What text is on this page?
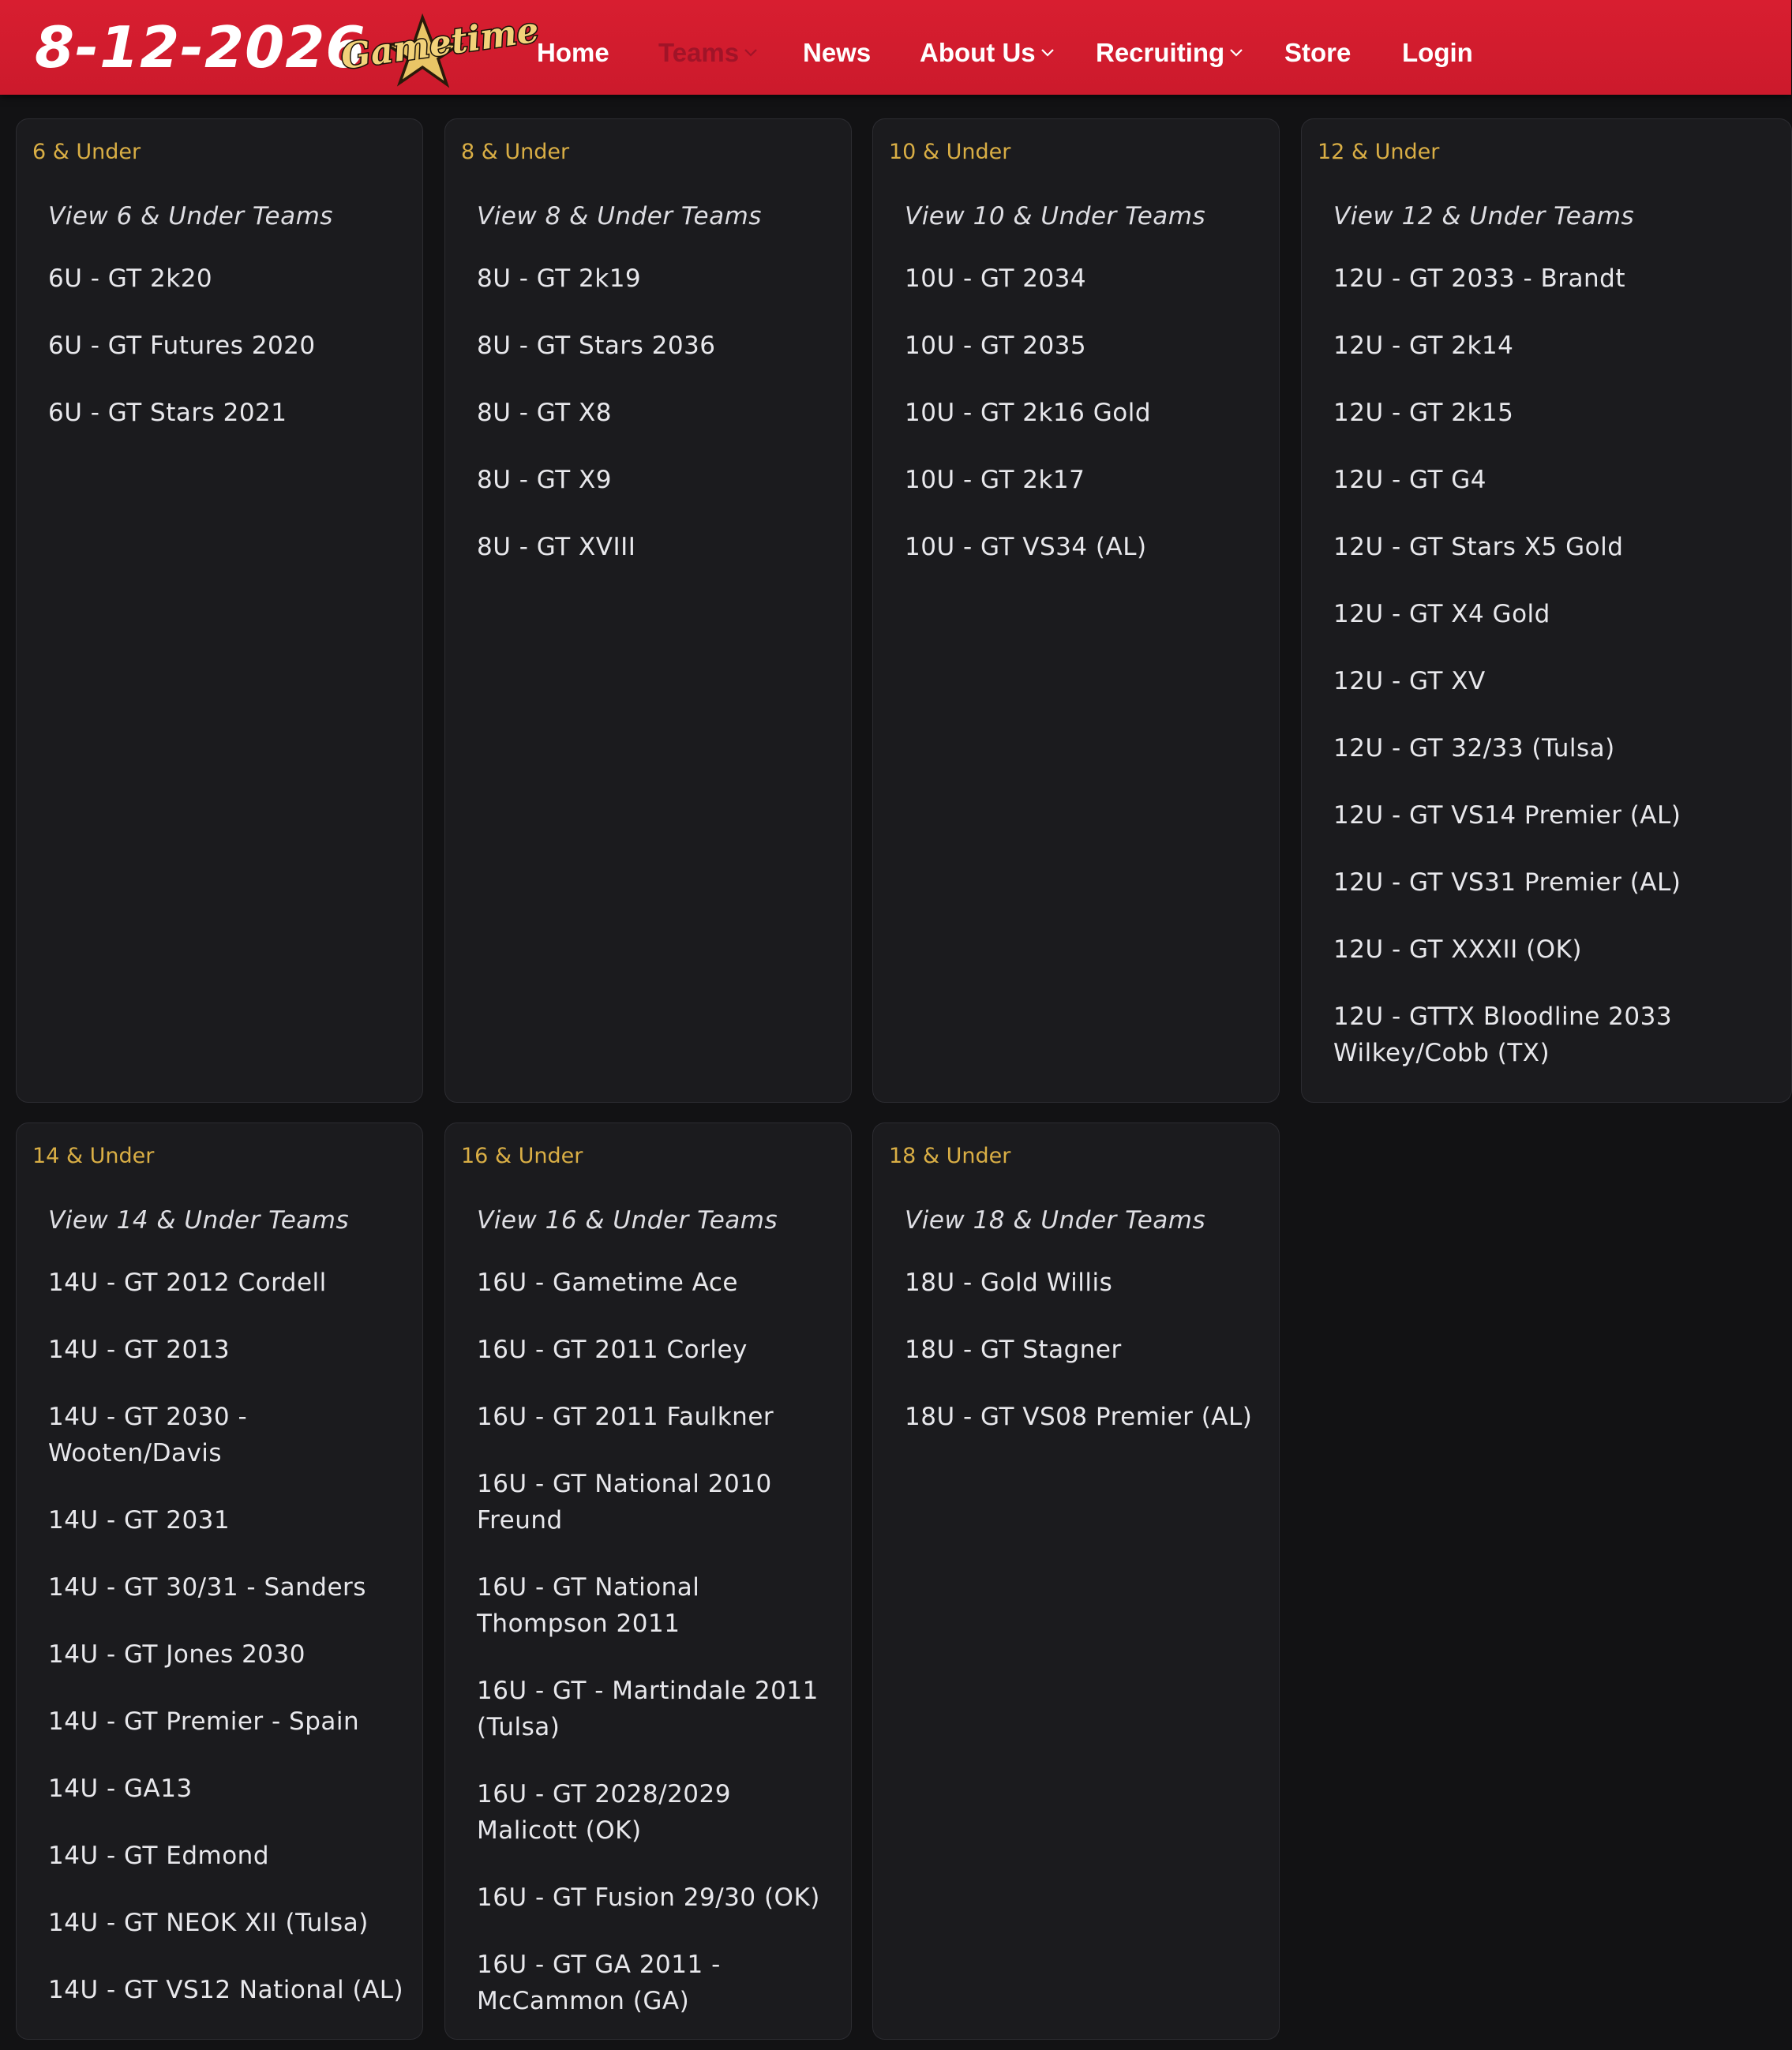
8-12-2026
Gametime
Home Teams	News About Us	Recruiting	Store Login
6 & Under
View 6 & Under Teams
6U - GT 2k20
6U - GT Futures 2020
6U - GT Stars 2021
8 & Under
View 8 & Under Teams
8U - GT 2k19
8U - GT Stars 2036
8U - GT X8
8U - GT X9
8U - GT XVIII
10 & Under
View 10 & Under Teams
10U - GT 2034
10U - GT 2035
10U - GT 2k16 Gold
10U - GT 2k17
10U - GT VS34 (AL)
12 & Under
View 12 & Under Teams
12U - GT 2033 - Brandt
12U - GT 2k14
12U - GT 2k15
12U - GT G4
12U - GT Stars X5 Gold
12U - GT X4 Gold
12U - GT XV
12U - GT 32/33 (Tulsa)
12U - GT VS14 Premier (AL)
12U - GT VS31 Premier (AL)
12U - GT XXXII (OK)
12U - GTTX Bloodline 2033 Wilkey/Cobb (TX)
14 & Under
View 14 & Under Teams
14U - GT 2012 Cordell
14U - GT 2013
14U - GT 2030 - Wooten/Davis
14U - GT 2031
14U - GT 30/31 - Sanders
14U - GT Jones 2030
14U - GT Premier - Spain
14U - GA13
14U - GT Edmond
14U - GT NEOK XII (Tulsa)
14U - GT VS12 National (AL)
16 & Under
View 16 & Under Teams
16U - Gametime Ace
16U - GT 2011 Corley
16U - GT 2011 Faulkner
16U - GT National 2010 Freund
16U - GT National Thompson 2011
16U - GT - Martindale 2011 (Tulsa)
16U - GT 2028/2029 Malicott (OK)
16U - GT Fusion 29/30 (OK)
16U - GT GA 2011 - McCammon (GA)
18 & Under
View 18 & Under Teams
18U - Gold Willis
18U - GT Stagner
18U - GT VS08 Premier (AL)
